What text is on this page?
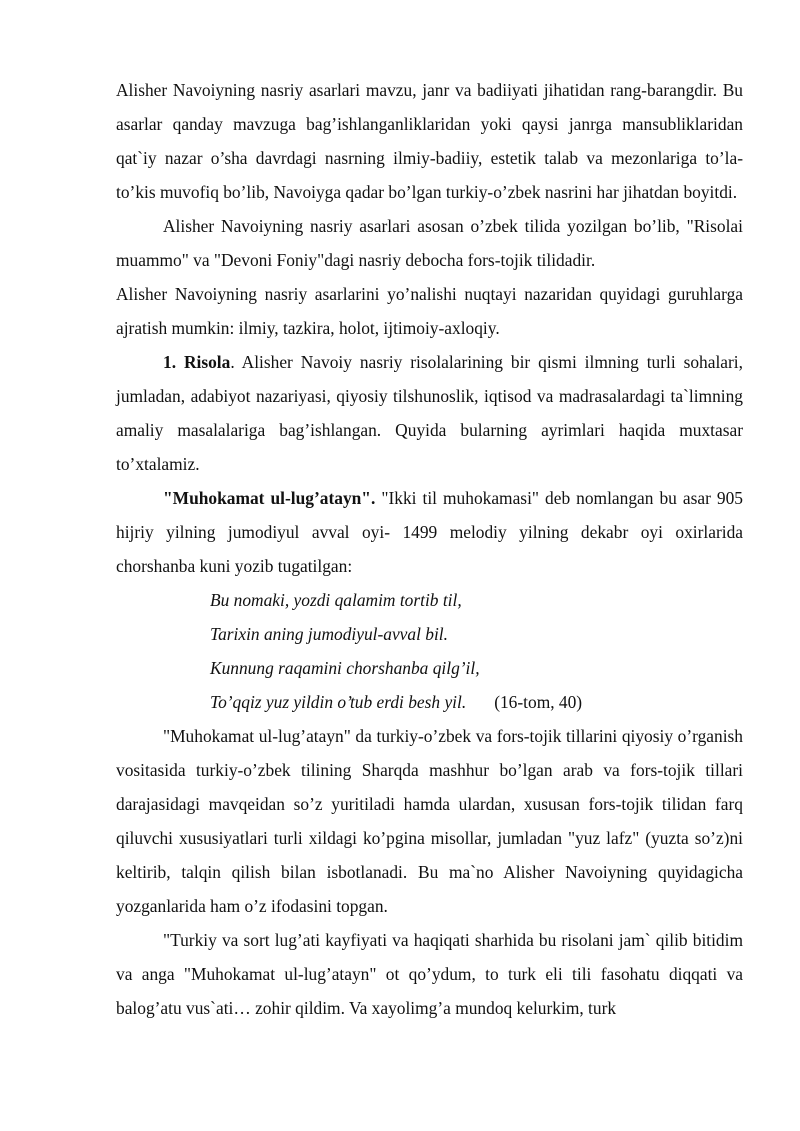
Alisher Navoiyning nasriy asarlari mavzu, janr va badiiyati jihatidan rang-barangdir. Bu asarlar qanday mavzuga bag’ishlanganliklaridan yoki qaysi janrga mansubliklaridan qat`iy nazar o’sha davrdagi nasrning ilmiy-badiiy, estetik talab va mezonlariga to’la-to’kis muvofiq bo’lib, Navoiyga qadar bo’lgan turkiy-o’zbek nasrini har jihatdan boyitdi.

Alisher Navoiyning nasriy asarlari asosan o’zbek tilida yozilgan bo’lib, "Risolai muammo" va "Devoni Foniy"dagi nasriy debocha fors-tojik tilidadir.

Alisher Navoiyning nasriy asarlarini yo’nalishi nuqtayi nazaridan quyidagi guruhlarga ajratish mumkin: ilmiy, tazkira, holot, ijtimoiy-axloqiy.

1. Risola. Alisher Navoiy nasriy risolalarining bir qismi ilmning turli sohalari, jumladan, adabiyot nazariyasi, qiyosiy tilshunoslik, iqtisod va madrasalardagi ta`limning amaliy masalalariga bag’ishlangan. Quyida bularning ayrimlari haqida muxtasar to’xtalamiz.

"Muhokamat ul-lug’atayn". "Ikki til muhokamasi" deb nomlangan bu asar 905 hijriy yilning jumodiyul avval oyi- 1499 melodiy yilning dekabr oyi oxirlarida chorshanba kuni yozib tugatilgan:

Bu nomaki, yozdi qalamim tortib til,
Tarixin aning jumodiyul-avval bil.
Kunnung raqamini chorshanba qilg’il,
To’qqiz yuz yildin o’tub erdi besh yil. (16-tom, 40)

"Muhokamat ul-lug’atayn" da turkiy-o’zbek va fors-tojik tillarini qiyosiy o’rganish vositasida turkiy-o’zbek tilining Sharqda mashhur bo’lgan arab va fors-tojik tillari darajasidagi mavqeidan so’z yuritiladi hamda ulardan, xususan fors-tojik tilidan farq qiluvchi xususiyatlari turli xildagi ko’pgina misollar, jumladan "yuz lafz" (yuzta so’z)ni keltirib, talqin qilish bilan isbotlanadi. Bu ma`no Alisher Navoiyning quyidagicha yozganlarida ham o’z ifodasini topgan.

"Turkiy va sort lug’ati kayfiyati va haqiqati sharhida bu risolani jam` qilib bitidim va anga "Muhokamat ul-lug’atayn" ot qo’ydum, to turk eli tili fasohatu diqqati va balog’atu vus`ati… zohir qildim. Va xayolimg’a mundoq kelurkim, turk
